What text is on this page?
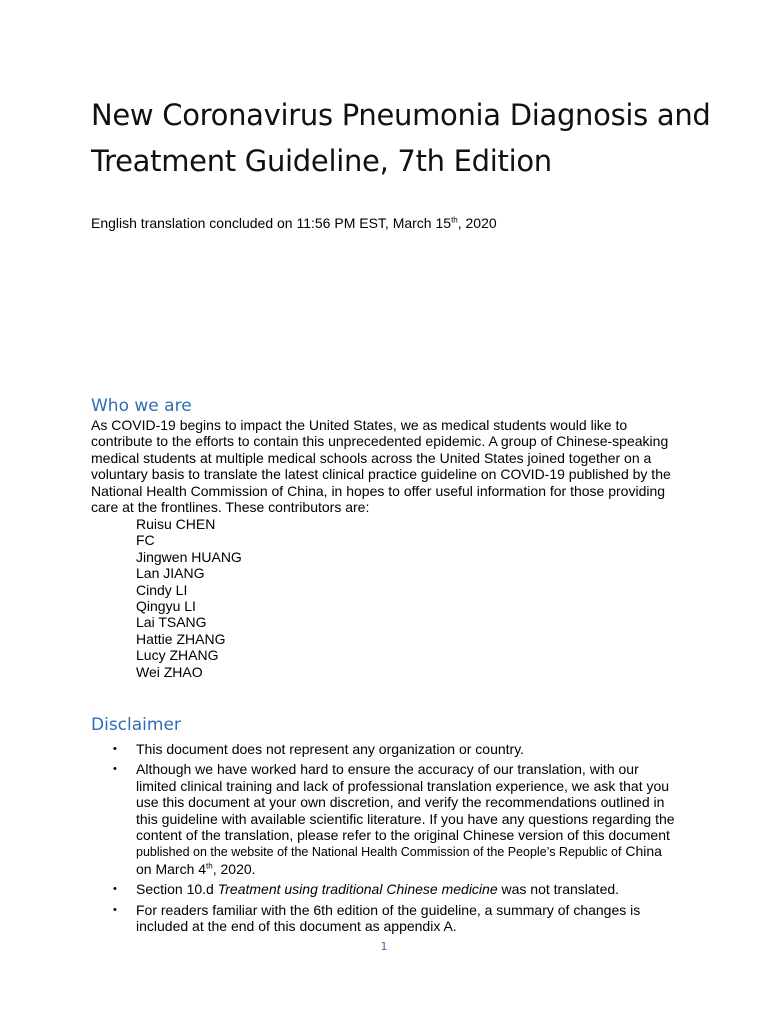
New Coronavirus Pneumonia Diagnosis and Treatment Guideline, 7th Edition

English translation concluded on 11:56 PM EST, March 15th, 2020

Who we are

As COVID-19 begins to impact the United States, we as medical students would like to contribute to the efforts to contain this unprecedented epidemic. A group of Chinese-speaking medical students at multiple medical schools across the United States joined together on a voluntary basis to translate the latest clinical practice guideline on COVID-19 published by the National Health Commission of China, in hopes to offer useful information for those providing care at the frontlines. These contributors are:

Ruisu CHEN
FC
Jingwen HUANG
Lan JIANG
Cindy LI
Qingyu LI
Lai TSANG
Hattie ZHANG
Lucy ZHANG
Wei ZHAO
Disclaimer
• This document does not represent any organization or country.
• Although we have worked hard to ensure the accuracy of our translation, with our limited clinical training and lack of professional translation experience, we ask that you use this document at your own discretion, and verify the recommendations outlined in this guideline with available scientific literature. If you have any questions regarding the content of the translation, please refer to the original Chinese version of this document published on the website of the National Health Commission of the People’s Republic of China on March 4th, 2020.
• Section 10.d Treatment using traditional Chinese medicine was not translated.
• For readers familiar with the 6th edition of the guideline, a summary of changes is included at the end of this document as appendix A.
1
